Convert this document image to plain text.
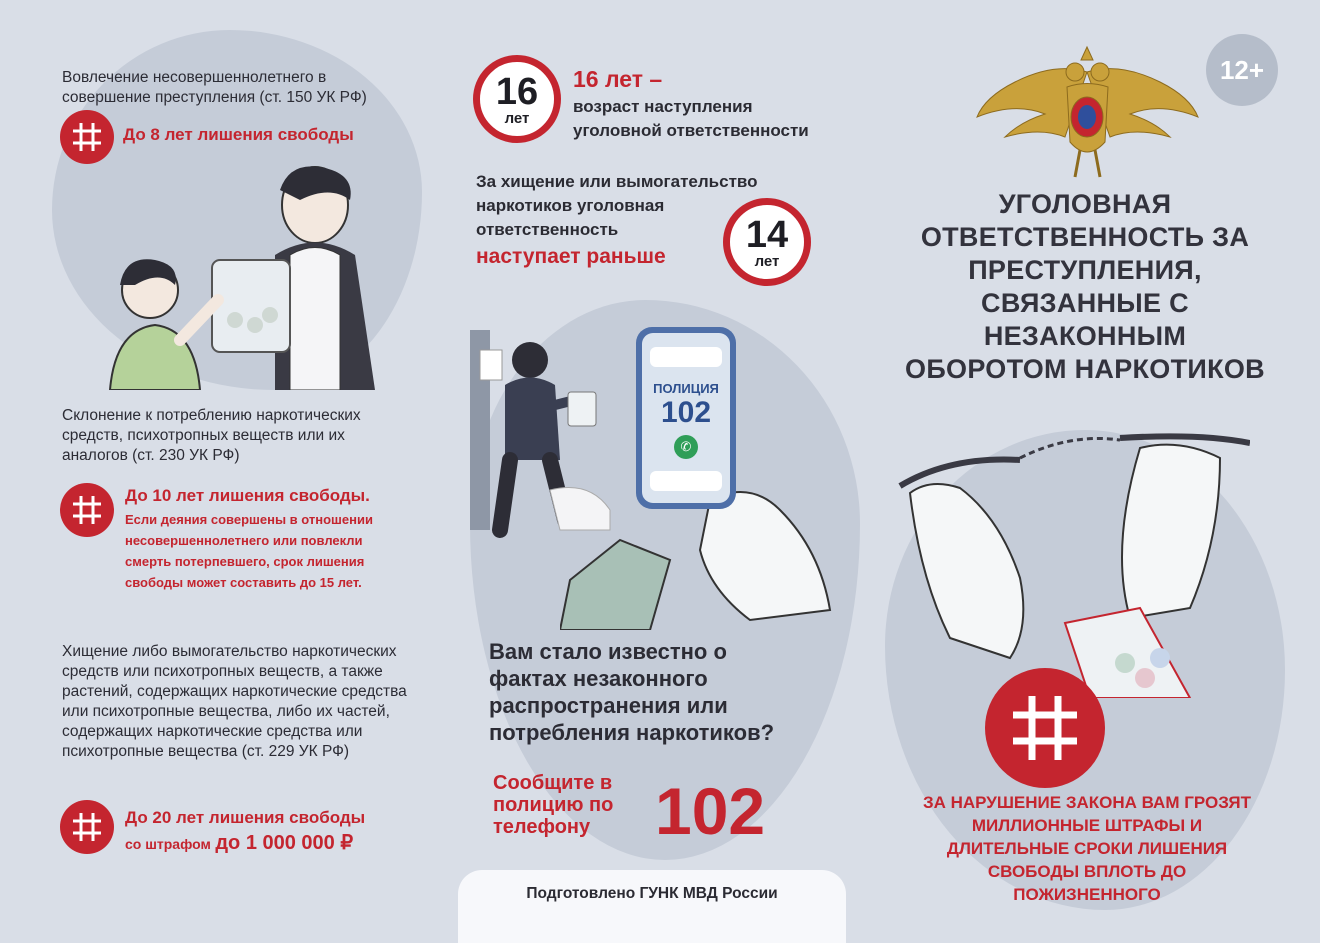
12+
Вовлечение несовершеннолетнего в совершение преступления (ст. 150 УК РФ)
До 8 лет лишения свободы
Склонение к потреблению наркотических средств, психотропных веществ или их аналогов (ст. 230 УК РФ)
До 10 лет лишения свободы.
Если деяния совершены в отношении несовершеннолетнего или повлекли смерть потерпевшего, срок лишения свободы может составить до 15 лет.
Хищение либо вымогательство наркотических средств или психотропных веществ, а также растений, содержащих наркотические средства или психотропные вещества, либо их частей, содержащих наркотические средства или психотропные вещества (ст. 229 УК РФ)
До 20 лет лишения свободы
со штрафом до 1 000 000 ₽
16
лет
16 лет –
возраст наступления уголовной ответственности
За хищение или вымогательство наркотиков уголовная ответственность
наступает раньше
14
лет
ПОЛИЦИЯ
102
✆
Вам стало известно о фактах незаконного распространения или потребления наркотиков?
Сообщите в полицию по телефону 102
Подготовлено ГУНК МВД России
УГОЛОВНАЯ ОТВЕТСТВЕННОСТЬ ЗА ПРЕСТУПЛЕНИЯ, СВЯЗАННЫЕ С НЕЗАКОННЫМ ОБОРОТОМ НАРКОТИКОВ
ЗА НАРУШЕНИЕ ЗАКОНА ВАМ ГРОЗЯТ МИЛЛИОННЫЕ ШТРАФЫ И ДЛИТЕЛЬНЫЕ СРОКИ ЛИШЕНИЯ СВОБОДЫ ВПЛОТЬ ДО ПОЖИЗНЕННОГО
